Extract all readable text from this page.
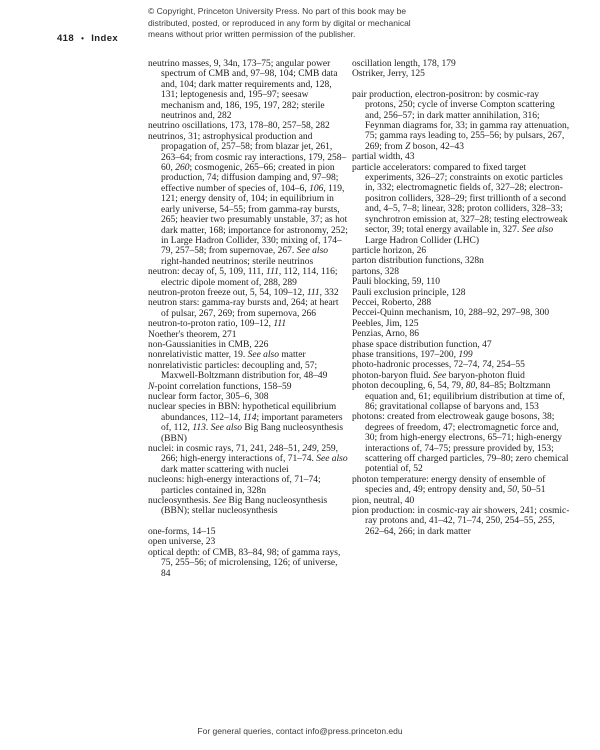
© Copyright, Princeton University Press. No part of this book may be
distributed, posted, or reproduced in any form by digital or mechanical
means without prior written permission of the publisher.
418 • Index
neutrino masses, 9, 34n, 173–75; angular power spectrum of CMB and, 97–98, 104; CMB data and, 104; dark matter requirements and, 128, 131; leptogenesis and, 195–97; seesaw mechanism and, 186, 195, 197, 282; sterile neutrinos and, 282
neutrino oscillations, 173, 178–80, 257–58, 282
neutrinos, 31; astrophysical production and propagation of, 257–58; from blazar jet, 261, 263–64; from cosmic ray interactions, 179, 258–60, 260; cosmogenic, 265–66; created in pion production, 74; diffusion damping and, 97–98; effective number of species of, 104–6, 106, 119, 121; energy density of, 104; in equilibrium in early universe, 54–55; from gamma-ray bursts, 265; heavier two presumably unstable, 37; as hot dark matter, 168; importance for astronomy, 252; in Large Hadron Collider, 330; mixing of, 174–79, 257–58; from supernovae, 267. See also right-handed neutrinos; sterile neutrinos
neutron: decay of, 5, 109, 111, 111, 112, 114, 116; electric dipole moment of, 288, 289
neutron-proton freeze out, 5, 54, 109–12, 111, 332
neutron stars: gamma-ray bursts and, 264; at heart of pulsar, 267, 269; from supernova, 266
neutron-to-proton ratio, 109–12, 111
Noether's theorem, 271
non-Gaussianities in CMB, 226
nonrelativistic matter, 19. See also matter
nonrelativistic particles: decoupling and, 57; Maxwell-Boltzmann distribution for, 48–49
N-point correlation functions, 158–59
nuclear form factor, 305–6, 308
nuclear species in BBN: hypothetical equilibrium abundances, 112–14, 114; important parameters of, 112, 113. See also Big Bang nucleosynthesis (BBN)
nuclei: in cosmic rays, 71, 241, 248–51, 249, 259, 266; high-energy interactions of, 71–74. See also dark matter scattering with nuclei
nucleons: high-energy interactions of, 71–74; particles contained in, 328n
nucleosynthesis. See Big Bang nucleosynthesis (BBN); stellar nucleosynthesis
one-forms, 14–15
open universe, 23
optical depth: of CMB, 83–84, 98; of gamma rays, 75, 255–56; of microlensing, 126; of universe, 84
oscillation length, 178, 179
Ostriker, Jerry, 125
pair production, electron-positron: by cosmic-ray protons, 250; cycle of inverse Compton scattering and, 256–57; in dark matter annihilation, 316; Feynman diagrams for, 33; in gamma ray attenuation, 75; gamma rays leading to, 255–56; by pulsars, 267, 269; from Z boson, 42–43
partial width, 43
particle accelerators: compared to fixed target experiments, 326–27; constraints on exotic particles in, 332; electromagnetic fields of, 327–28; electron-positron colliders, 328–29; first trillionth of a second and, 4–5, 7–8; linear, 328; proton colliders, 328–33; synchrotron emission at, 327–28; testing electroweak sector, 39; total energy available in, 327. See also Large Hadron Collider (LHC)
particle horizon, 26
parton distribution functions, 328n
partons, 328
Pauli blocking, 59, 110
Pauli exclusion principle, 128
Peccei, Roberto, 288
Peccei-Quinn mechanism, 10, 288–92, 297–98, 300
Peebles, Jim, 125
Penzias, Arno, 86
phase space distribution function, 47
phase transitions, 197–200, 199
photo-hadronic processes, 72–74, 74, 254–55
photon-baryon fluid. See baryon-photon fluid
photon decoupling, 6, 54, 79, 80, 84–85; Boltzmann equation and, 61; equilibrium distribution at time of, 86; gravitational collapse of baryons and, 153
photons: created from electroweak gauge bosons, 38; degrees of freedom, 47; electromagnetic force and, 30; from high-energy electrons, 65–71; high-energy interactions of, 74–75; pressure provided by, 153; scattering off charged particles, 79–80; zero chemical potential of, 52
photon temperature: energy density of ensemble of species and, 49; entropy density and, 50, 50–51
pion, neutral, 40
pion production: in cosmic-ray air showers, 241; cosmic-ray protons and, 41–42, 71–74, 250, 254–55, 255, 262–64, 266; in dark matter
For general queries, contact info@press.princeton.edu
